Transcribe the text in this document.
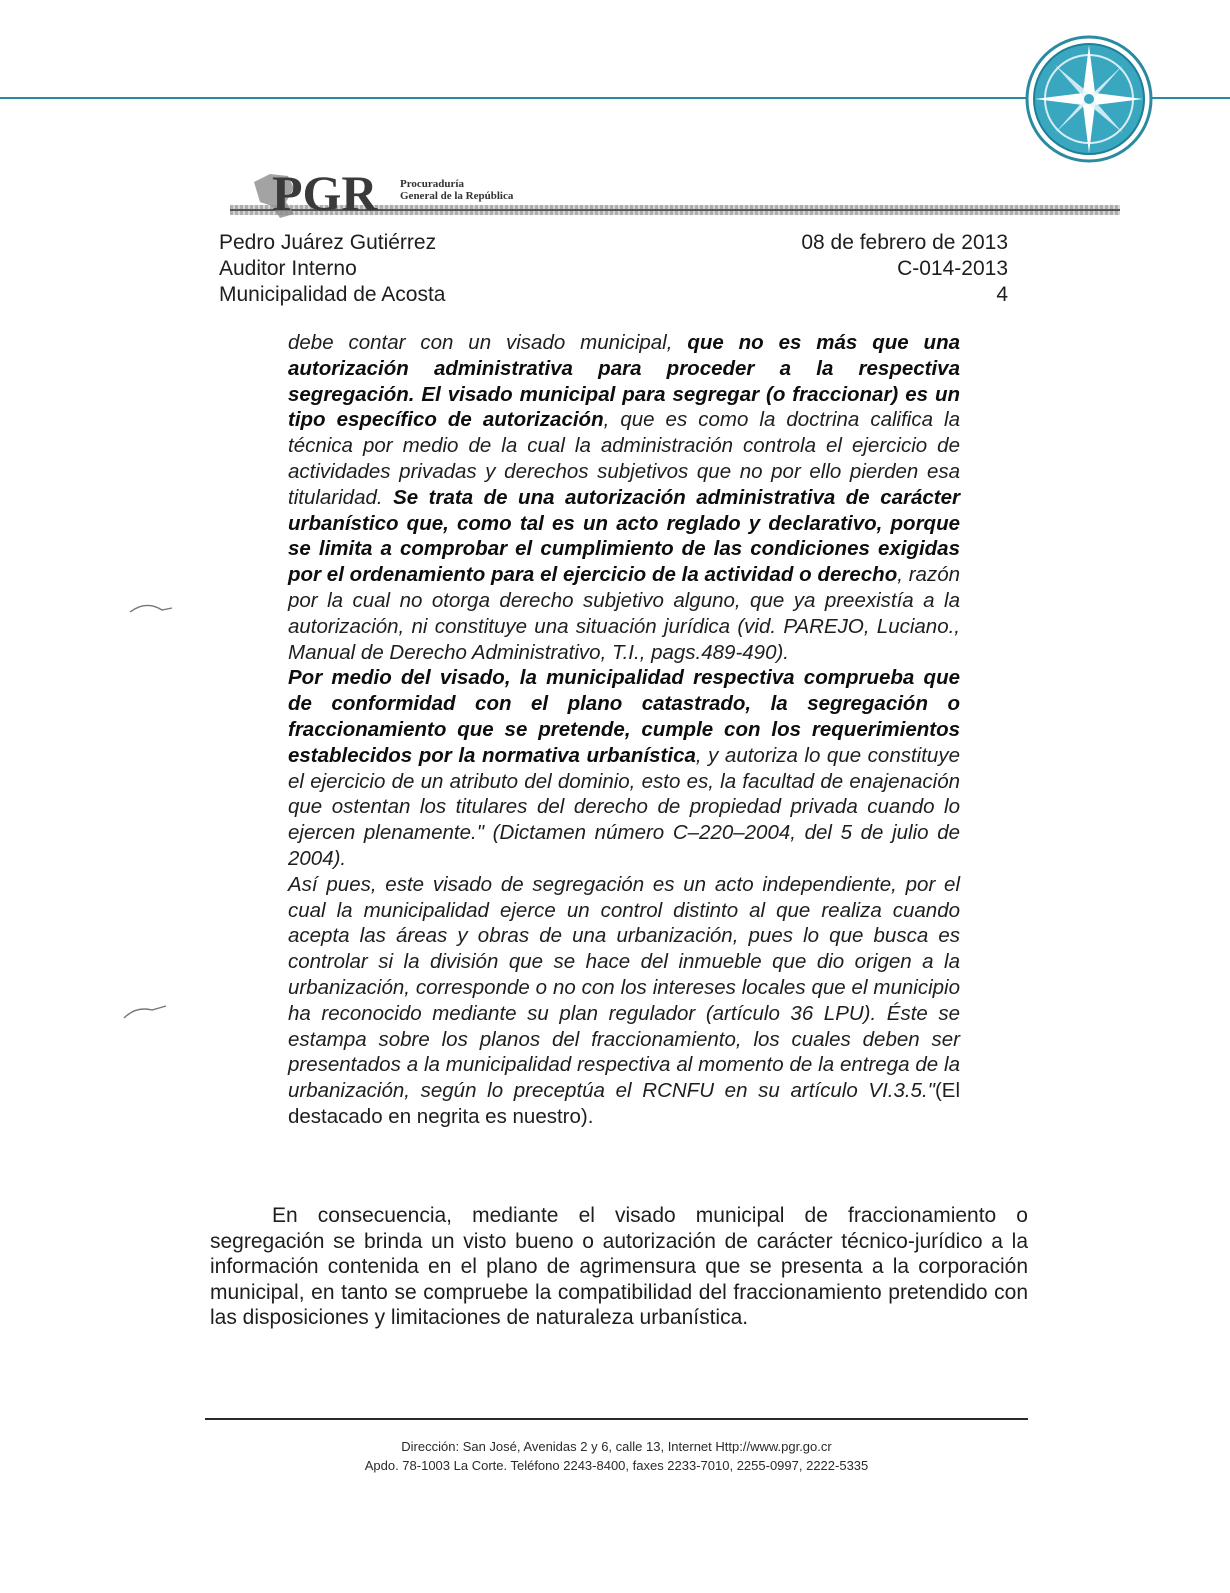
PGR Procuraduría
General de la República
Pedro Juárez Gutiérrez
Auditor Interno
Municipalidad de Acosta
08 de febrero de 2013
C-014-2013
4

debe contar con un visado municipal, que no es más que una autorización administrativa para proceder a la respectiva segregación. El visado municipal para segregar (o fraccionar) es un tipo específico de autorización, que es como la doctrina califica la técnica por medio de la cual la administración controla el ejercicio de actividades privadas y derechos subjetivos que no por ello pierden esa titularidad. Se trata de una autorización administrativa de carácter urbanístico que, como tal es un acto reglado y declarativo, porque se limita a comprobar el cumplimiento de las condiciones exigidas por el ordenamiento para el ejercicio de la actividad o derecho, razón por la cual no otorga derecho subjetivo alguno, que ya preexistía a la autorización, ni constituye una situación jurídica (vid. PAREJO, Luciano., Manual de Derecho Administrativo, T.I., pags.489-490).

Por medio del visado, la municipalidad respectiva comprueba que de conformidad con el plano catastrado, la segregación o fraccionamiento que se pretende, cumple con los requerimientos establecidos por la normativa urbanística, y autoriza lo que constituye el ejercicio de un atributo del dominio, esto es, la facultad de enajenación que ostentan los titulares del derecho de propiedad privada cuando lo ejercen plenamente." (Dictamen número C–220–2004, del 5 de julio de 2004).

Así pues, este visado de segregación es un acto independiente, por el cual la municipalidad ejerce un control distinto al que realiza cuando acepta las áreas y obras de una urbanización, pues lo que busca es controlar si la división que se hace del inmueble que dio origen a la urbanización, corresponde o no con los intereses locales que el municipio ha reconocido mediante su plan regulador (artículo 36 LPU). Éste se estampa sobre los planos del fraccionamiento, los cuales deben ser presentados a la municipalidad respectiva al momento de la entrega de la urbanización, según lo preceptúa el RCNFU en su artículo VI.3.5."(El destacado en negrita es nuestro).

En consecuencia, mediante el visado municipal de fraccionamiento o segregación se brinda un visto bueno o autorización de carácter técnico-jurídico a la información contenida en el plano de agrimensura que se presenta a la corporación municipal, en tanto se compruebe la compatibilidad del fraccionamiento pretendido con las disposiciones y limitaciones de naturaleza urbanística.

Dirección: San José, Avenidas 2 y 6, calle 13, Internet Http://www.pgr.go.cr
Apdo. 78-1003 La Corte. Teléfono 2243-8400, faxes 2233-7010, 2255-0997, 2222-5335
